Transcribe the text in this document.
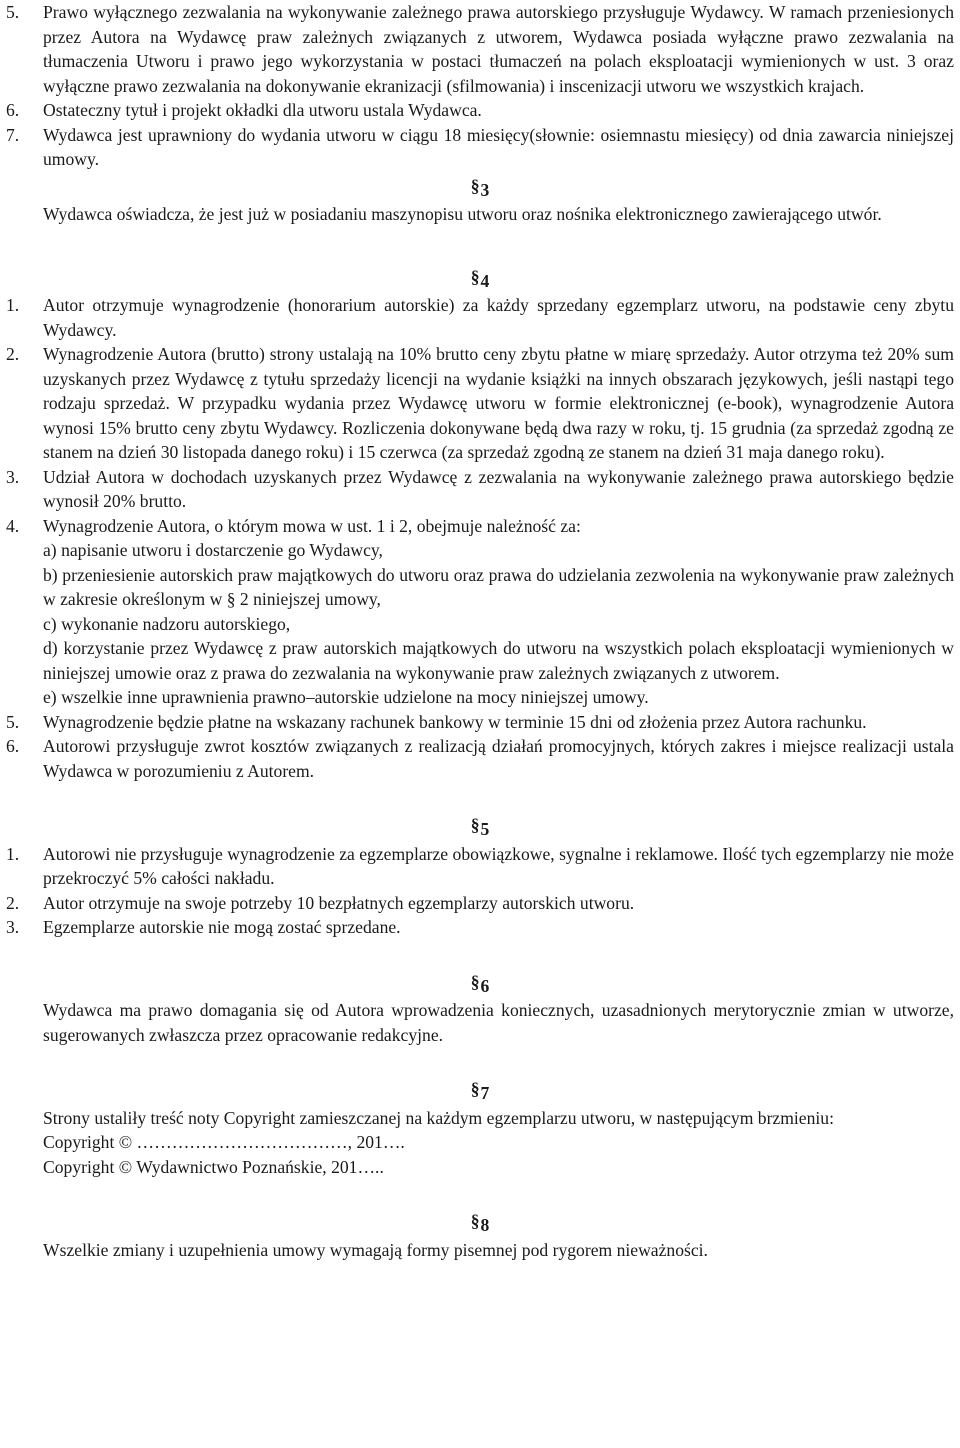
5.	Prawo wyłącznego zezwalania na wykonywanie zależnego prawa autorskiego przysługuje Wydawcy. W ramach przeniesionych przez Autora na Wydawcę praw zależnych związanych z utworem, Wydawca posiada wyłączne prawo zezwalania na tłumaczenia Utworu i prawo jego wykorzystania w postaci tłumaczeń na polach eksploatacji wymienionych w ust. 3 oraz wyłączne prawo zezwalania na dokonywanie ekranizacji (sfilmowania) i inscenizacji utworu we wszystkich krajach.
6.	Ostateczny tytuł i projekt okładki dla utworu ustala Wydawca.
7.	Wydawca jest uprawniony do wydania utworu w ciągu 18 miesięcy(słownie: osiemnastu miesięcy) od dnia zawarcia niniejszej umowy.
§3
Wydawca oświadcza, że jest już w posiadaniu maszynopisu utworu oraz nośnika elektronicznego zawierającego utwór.
§4
1.	Autor otrzymuje wynagrodzenie (honorarium autorskie) za każdy sprzedany egzemplarz utworu, na podstawie ceny zbytu Wydawcy.
2.	Wynagrodzenie Autora (brutto) strony ustalają na 10% brutto ceny zbytu płatne w miarę sprzedaży. Autor otrzyma też 20% sum uzyskanych przez Wydawcę z tytułu sprzedaży licencji na wydanie książki na innych obszarach językowych, jeśli nastąpi tego rodzaju sprzedaż. W przypadku wydania przez Wydawcę utworu w formie elektronicznej (e-book), wynagrodzenie Autora wynosi 15% brutto ceny zbytu Wydawcy. Rozliczenia dokonywane będą dwa razy w roku, tj. 15 grudnia (za sprzedaż zgodną ze stanem na dzień 30 listopada danego roku) i 15 czerwca (za sprzedaż zgodną ze stanem na dzień 31 maja danego roku).
3.	Udział Autora w dochodach uzyskanych przez Wydawcę z zezwalania na wykonywanie zależnego prawa autorskiego będzie wynosił 20% brutto.
4.	Wynagrodzenie Autora, o którym mowa w ust. 1 i 2, obejmuje należność za:
a) napisanie utworu i dostarczenie go Wydawcy,
b) przeniesienie autorskich praw majątkowych do utworu oraz prawa do udzielania zezwolenia na wykonywanie praw zależnych w zakresie określonym w § 2 niniejszej umowy,
c) wykonanie nadzoru autorskiego,
d) korzystanie przez Wydawcę z praw autorskich majątkowych do utworu na wszystkich polach eksploatacji wymienionych w niniejszej umowie oraz z prawa do zezwalania na wykonywanie praw zależnych związanych z utworem.
e) wszelkie inne uprawnienia prawno–autorskie udzielone na mocy niniejszej umowy.
5.	Wynagrodzenie będzie płatne na wskazany rachunek bankowy w terminie 15 dni od złożenia przez Autora rachunku.
6.	Autorowi przysługuje zwrot kosztów związanych z realizacją działań promocyjnych, których zakres i miejsce realizacji ustala Wydawca w porozumieniu z Autorem.
§5
1.	Autorowi nie przysługuje wynagrodzenie za egzemplarze obowiązkowe, sygnalne i reklamowe. Ilość tych egzemplarzy nie może przekroczyć 5% całości nakładu.
2.	Autor otrzymuje na swoje potrzeby 10 bezpłatnych egzemplarzy autorskich utworu.
3.	Egzemplarze autorskie nie mogą zostać sprzedane.
§6
Wydawca ma prawo domagania się od Autora wprowadzenia koniecznych, uzasadnionych merytorycznie zmian w utworze, sugerowanych zwłaszcza przez opracowanie redakcyjne.
§7
Strony ustaliły treść noty Copyright zamieszczanej na każdym egzemplarzu utworu, w następującym brzmieniu:
Copyright © ………………………………, 201….
Copyright © Wydawnictwo Poznańskie, 201…..
§8
Wszelkie zmiany i uzupełnienia umowy wymagają formy pisemnej pod rygorem nieważności.
